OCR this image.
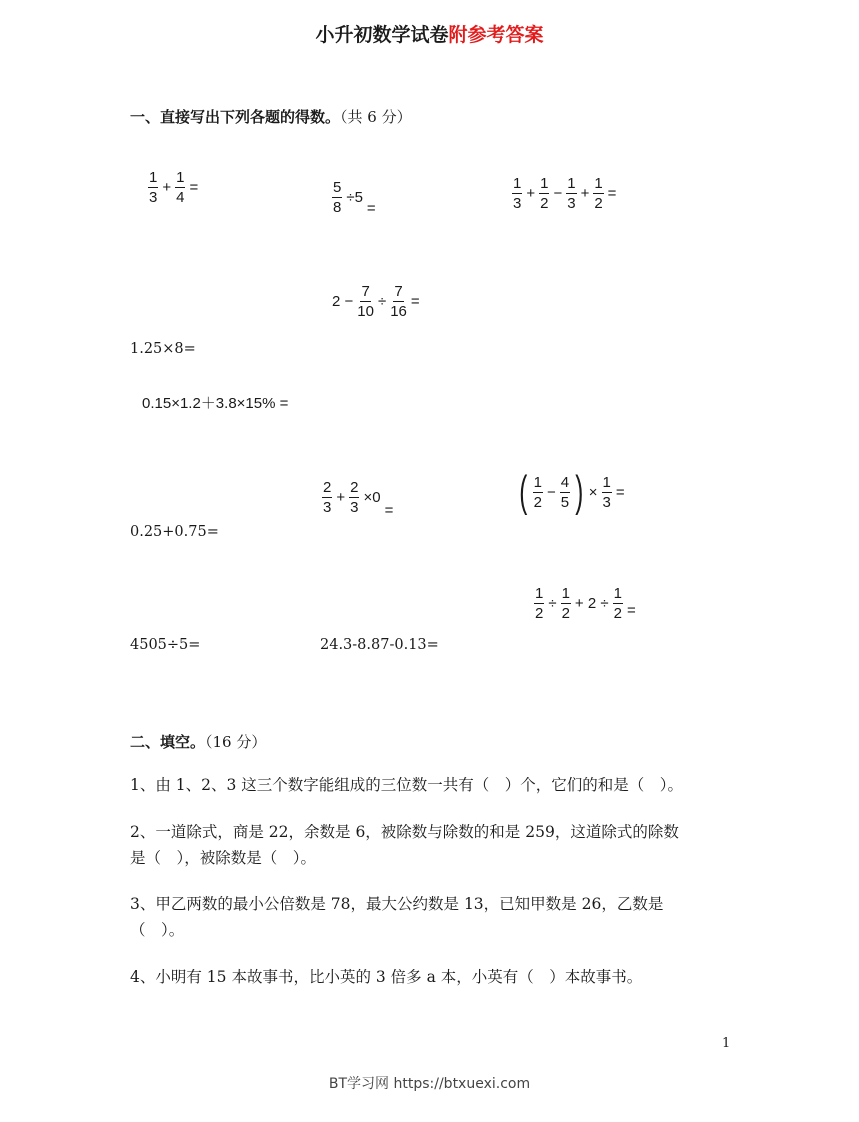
小升初数学试卷附参考答案
一、直接写出下列各题的得数。（共 6 分）
$\frac{1}{3} + \frac{1}{4}$ =	$\frac{5}{8} \div 5$
=	$\frac{1}{3} + \frac{1}{2} - \frac{1}{3} + \frac{1}{2}$ =
$2 - \frac{7}{10} \div \frac{7}{16}$ =
1.25×8=
0.15×1.2＋3.8×15% =
$\frac{2}{3} + \frac{2}{3} \times 0$
=	( $\frac{1}{2} - \frac{4}{5}$ ) × $\frac{1}{3}$ =
0.25+0.75=
$\frac{1}{2} \div \frac{1}{2} + 2 \div \frac{1}{2}$ =
4505÷5=	24.3-8.87-0.13=
二、填空。（16 分）
1、由 1、2、3 这三个数字能组成的三位数一共有（　）个，它们的和是（　）。
2、一道除式，商是 22，余数是 6，被除数与除数的和是 259，这道除式的除数
是（　），被除数是（　）。
3、甲乙两数的最小公倍数是 78，最大公约数是 13，已知甲数是 26，乙数是
（　）。
4、小明有 15 本故事书，比小英的 3 倍多 a 本，小英有（　）本故事书。
1
BT学习网 https://btxuexi.com
